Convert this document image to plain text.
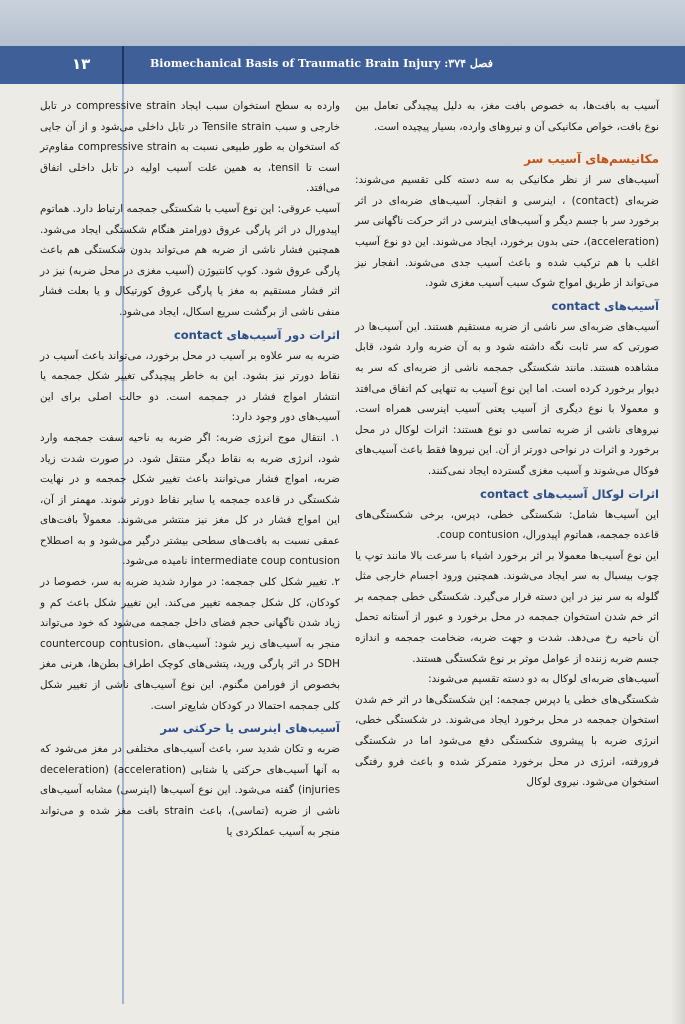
۱۳	Biomechanical Basis of Traumatic Brain Injury :۳۷۴ فصل

آسیب به بافت‌ها، به خصوص بافت مغز، به دلیل پیچیدگی تعامل بین نوع بافت، خواص مکانیکی آن و نیروهای وارده، بسیار پیچیده است.

مکانیسم‌های آسیب سر

آسیب‌های سر از نظر مکانیکی به سه دسته کلی تقسیم می‌شوند: ضربه‌ای (contact) ، اینرسی و انفجار. آسیب‌های ضربه‌ای در اثر برخورد سر با جسم دیگر و آسیب‌های اینرسی در اثر حرکت ناگهانی سر (acceleration)، حتی بدون برخورد، ایجاد می‌شوند. این دو نوع آسیب اغلب با هم ترکیب شده و باعث آسیب جدی می‌شوند. انفجار نیز می‌تواند از طریق امواج شوک سبب آسیب مغزی شود.

آسیب‌های contact

آسیب‌های ضربه‌ای سر ناشی از ضربه مستقیم هستند. این آسیب‌ها در صورتی که سر ثابت نگه داشته شود و به آن ضربه وارد شود، قابل مشاهده هستند. مانند شکستگی جمجمه ناشی از ضربه‌ای که سر به دیوار برخورد کرده است. اما این نوع آسیب به تنهایی کم اتفاق می‌افتد و معمولا با نوع دیگری از آسیب یعنی آسیب اینرسی همراه است. نیروهای ناشی از ضربه تماسی دو نوع هستند: اثرات لوکال در محل برخورد و اثرات در نواحی دورتر از آن. این نیروها فقط باعث آسیب‌های فوکال می‌شوند و آسیب مغزی گسترده ایجاد نمی‌کنند.

اثرات لوکال آسیب‌های contact

این آسیب‌ها شامل: شکستگی خطی، دپرس، برخی شکستگی‌های قاعده جمجمه، هماتوم اپیدورال، coup contusion.

این نوع آسیب‌ها معمولا بر اثر برخورد اشیاء با سرعت بالا مانند توپ یا چوب بیسبال به سر ایجاد می‌شوند. همچنین ورود اجسام خارجی مثل گلوله به سر نیز در این دسته قرار می‌گیرد. شکستگی خطی جمجمه بر اثر خم شدن استخوان جمجمه در محل برخورد و عبور از آستانه تحمل آن ناحیه رخ می‌دهد. شدت و جهت ضربه، ضخامت جمجمه و اندازه جسم ضربه زننده از عوامل موثر بر نوع شکستگی هستند.

آسیب‌های ضربه‌ای لوکال به دو دسته تقسیم می‌شوند:

شکستگی‌های خطی یا دپرس جمجمه: این شکستگی‌ها در اثر خم شدن استخوان جمجمه در محل برخورد ایجاد می‌شوند. در شکستگی خطی، انرژی ضربه با پیشروی شکستگی دفع می‌شود اما در شکستگی فرورفته، انرژی در محل برخورد متمرکز شده و باعث فرو رفتگی استخوان می‌شود. نیروی لوکال

وارده به سطح استخوان سبب ایجاد compressive strain در تابل خارجی و سبب Tensile strain در تابل داخلی می‌شود و از آن جایی که استخوان به طور طبیعی نسبت به compressive strain مقاوم‌تر است تا tensil، به همین علت آسیب اولیه در تابل داخلی اتفاق می‌افتد.

آسیب عروقی: این نوع آسیب با شکستگی جمجمه ارتباط دارد. هماتوم اپیدورال در اثر پارگی عروق دورامتر هنگام شکستگی ایجاد می‌شود. همچنین فشار ناشی از ضربه هم می‌تواند بدون شکستگی هم باعث پارگی عروق شود. کوپ کانتیوژن (آسیب مغزی در محل ضربه) نیز در اثر فشار مستقیم به مغز یا پارگی عروق کورتیکال و یا بعلت فشار منفی ناشی از برگشت سریع اسکال، ایجاد می‌شود.

اثرات دور آسیب‌های contact

ضربه به سر علاوه بر آسیب در محل برخورد، می‌تواند باعث آسیب در نقاط دورتر نیز بشود. این به خاطر پیچیدگی تغییر شکل جمجمه یا انتشار امواج فشار در جمجمه است. دو حالت اصلی برای این آسیب‌های دور وجود دارد:

۱. انتقال موج انرژی ضربه: اگر ضربه به ناحیه سفت جمجمه وارد شود، انرژی ضربه به نقاط دیگر منتقل شود. در صورت شدت زیاد ضربه، امواج فشار می‌توانند باعث تغییر شکل جمجمه و در نهایت شکستگی در قاعده جمجمه یا سایر نقاط دورتر شوند. مهمتر از آن، این امواج فشار در کل مغز نیز منتشر می‌شوند. معمولاً بافت‌های عمقی نسبت به بافت‌های سطحی بیشتر درگیر می‌شود و به اصطلاح intermediate coup contusion نامیده می‌شود.

۲. تغییر شکل کلی جمجمه: در موارد شدید ضربه به سر، خصوصا در کودکان، کل شکل جمجمه تغییر می‌کند. این تغییر شکل باعث کم و زیاد شدن ناگهانی حجم فضای داخل جمجمه می‌شود که خود می‌تواند منجر به آسیب‌های زیر شود: آسیب‌های countercoup contusion، SDH در اثر پارگی ورید، پتشی‌های کوچک اطراف بطن‌ها، هرنی مغز بخصوص از فورامن مگنوم. این نوع آسیب‌های ناشی از تغییر شکل کلی جمجمه احتمالا در کودکان شایع‌تر است.

آسیب‌های اینرسی یا حرکتی سر

ضربه و تکان شدید سر، باعث آسیب‌های مختلفی در مغز می‌شود که به آنها آسیب‌های حرکتی یا شتابی (acceleration) (deceleration injuries) گفته می‌شود. این نوع آسیب‌ها (اینرسی) مشابه آسیب‌های ناشی از ضربه (تماسی)، باعث strain بافت مغز شده و می‌تواند منجر به آسیب عملکردی یا
